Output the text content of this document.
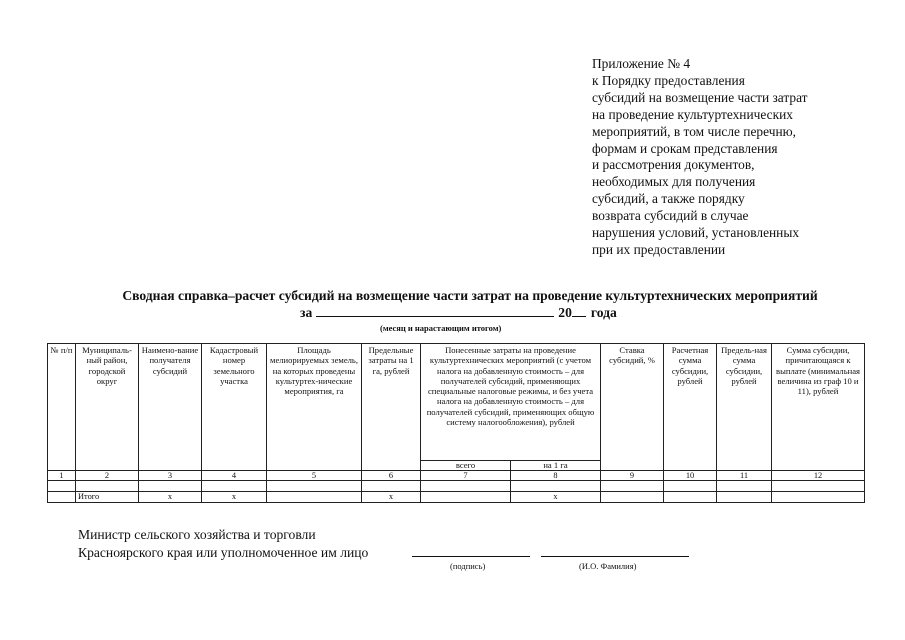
Приложение № 4
к Порядку предоставления
субсидий на возмещение части затрат
на проведение культуртехнических
мероприятий, в том числе перечню,
формам и срокам представления
и рассмотрения документов,
необходимых для получения
субсидий, а также порядку
возврата субсидий в случае
нарушения условий, установленных
при их предоставлении
Сводная справка–расчет субсидий на возмещение части затрат на проведение культуртехнических мероприятий
за	20 года
(месяц и нарастающим итогом)
№ п/п	Муниципаль-ный район, городской округ	Наимено-вание получателя субсидий	Кадастровый номер земельного участка	Площадь мелиорируемых земель, на которых проведены культуртех-нические мероприятия, га	Предельные затраты на 1 га, рублей	Понесенные затраты на проведение культуртехнических мероприятий (с учетом налога на добавленную стоимость – для получателей субсидий, применяющих специальные налоговые режимы, и без учета налога на добавленную стоимость – для получателей субсидий, применяющих общую систему налогообложения), рублей		Ставка субсидий, %	Расчетная сумма субсидии, рублей	Предель-ная сумма субсидии, рублей	Сумма субсидии, причитающаяся к выплате (минимальная величина из граф 10 и 11), рублей
						всего	на 1 га				
1	2	3	4	5	6	7	8	9	10	11	12

	Итого	х	х		х		х				
Министр сельского хозяйства и торговли
Красноярского края или уполномоченное им лицо
(подпись)	(И.О. Фамилия)
